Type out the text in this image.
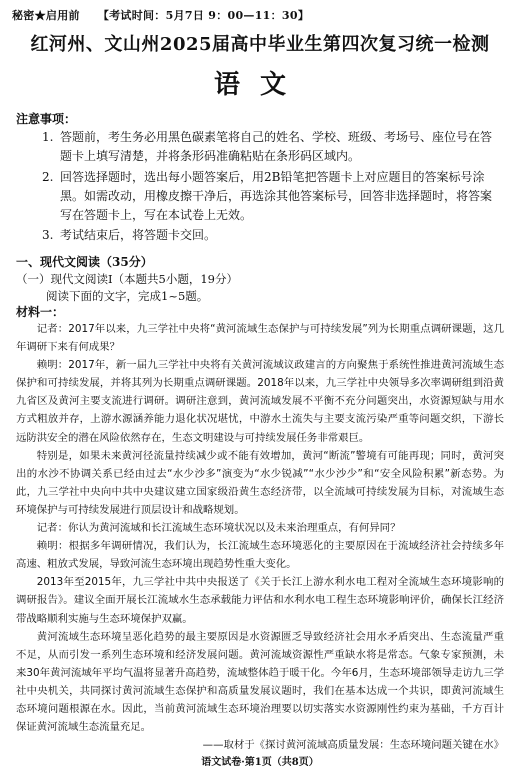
秘密★启用前 【考试时间：5月7日 9：00—11：30】
红河州、文山州2025届高中毕业生第四次复习统一检测
语文
注意事项：
1. 答题前，考生务必用黑色碳素笔将自己的姓名、学校、班级、考场号、座位号在答题卡上填写清楚，并将条形码准确粘贴在条形码区域内。
2. 回答选择题时，选出每小题答案后，用2B铅笔把答题卡上对应题目的答案标号涂黑。如需改动，用橡皮擦干净后，再选涂其他答案标号，回答非选择题时，将答案写在答题卡上，写在本试卷上无效。
3. 考试结束后，将答题卡交回。
一、现代文阅读（35分）
（一）现代文阅读Ⅰ（本题共5小题，19分）
阅读下面的文字，完成1~5题。
材料一：

记者：2017年以来，九三学社中央将“黄河流域生态保护与可持续发展”列为长期重点调研课题，这几年调研下来有何成果？

赖明：2017年，新一届九三学社中央将有关黄河流域议政建言的方向聚焦于系统性推进黄河流域生态保护和可持续发展，并将其列为长期重点调研课题。2018年以来，九三学社中央领导多次率调研组到沿黄九省区及黄河主要支流进行调研。调研注意到，黄河流域发展不平衡不充分问题突出，水资源短缺与用水方式粗放并存，上游水源涵养能力退化状况堪忧，中游水土流失与主要支流污染严重等问题交织，下游长远防洪安全的潜在风险依然存在，生态文明建设与可持续发展任务非常艰巨。

特别是，如果未来黄河径流量持续减少或不能有效增加，黄河“断流”警境有可能再现；同时，黄河突出的水沙不协调关系已经由过去“水少沙多”演变为“水少锐减”“水少沙少”和“安全风险积累”新态势。为此，九三学社中央向中共中央建议建立国家级沿黄生态经济带，以全流域可持续发展为目标，对流域生态环境保护与可持续发展进行顶层设计和战略规划。

记者：你认为黄河流域和长江流域生态环境状况以及未来治理重点，有何异同？

赖明：根据多年调研情况，我们认为，长江流域生态环境恶化的主要原因在于流域经济社会持续多年高速、粗放式发展，导致河流生态环境出现趋势性重大变化。

2013年至2015年，九三学社中共中央报送了《关于长江上游水利水电工程对全流域生态环境影响的调研报告》。建议全面开展长江流域水生态承载能力评估和水利水电工程生态环境影响评价，确保长江经济带战略顺利实施与生态环境保护双赢。

黄河流域生态环境呈恶化趋势的最主要原因是水资源匮乏导致经济社会用水矛盾突出、生态流量严重不足，从而引发一系列生态环境和经济发展问题。黄河流域资源性严重缺水将是常态。气象专家预测，未来30年黄河流域年平均气温将显著升高趋势，流域整体趋于暖干化。今年6月，生态环境部领导走访九三学社中央机关，共同探讨黄河流域生态保护和高质量发展议题时，我们在基本达成一个共识，即黄河流域生态环境问题根源在水。因此，当前黄河流域生态环境治理要以切实落实水资源刚性约束为基础，千方百计保证黄河流域生态流量充足。

——取材于《探讨黄河流域高质量发展：生态环境问题关键在水》

语文试卷·第1页（共8页）
